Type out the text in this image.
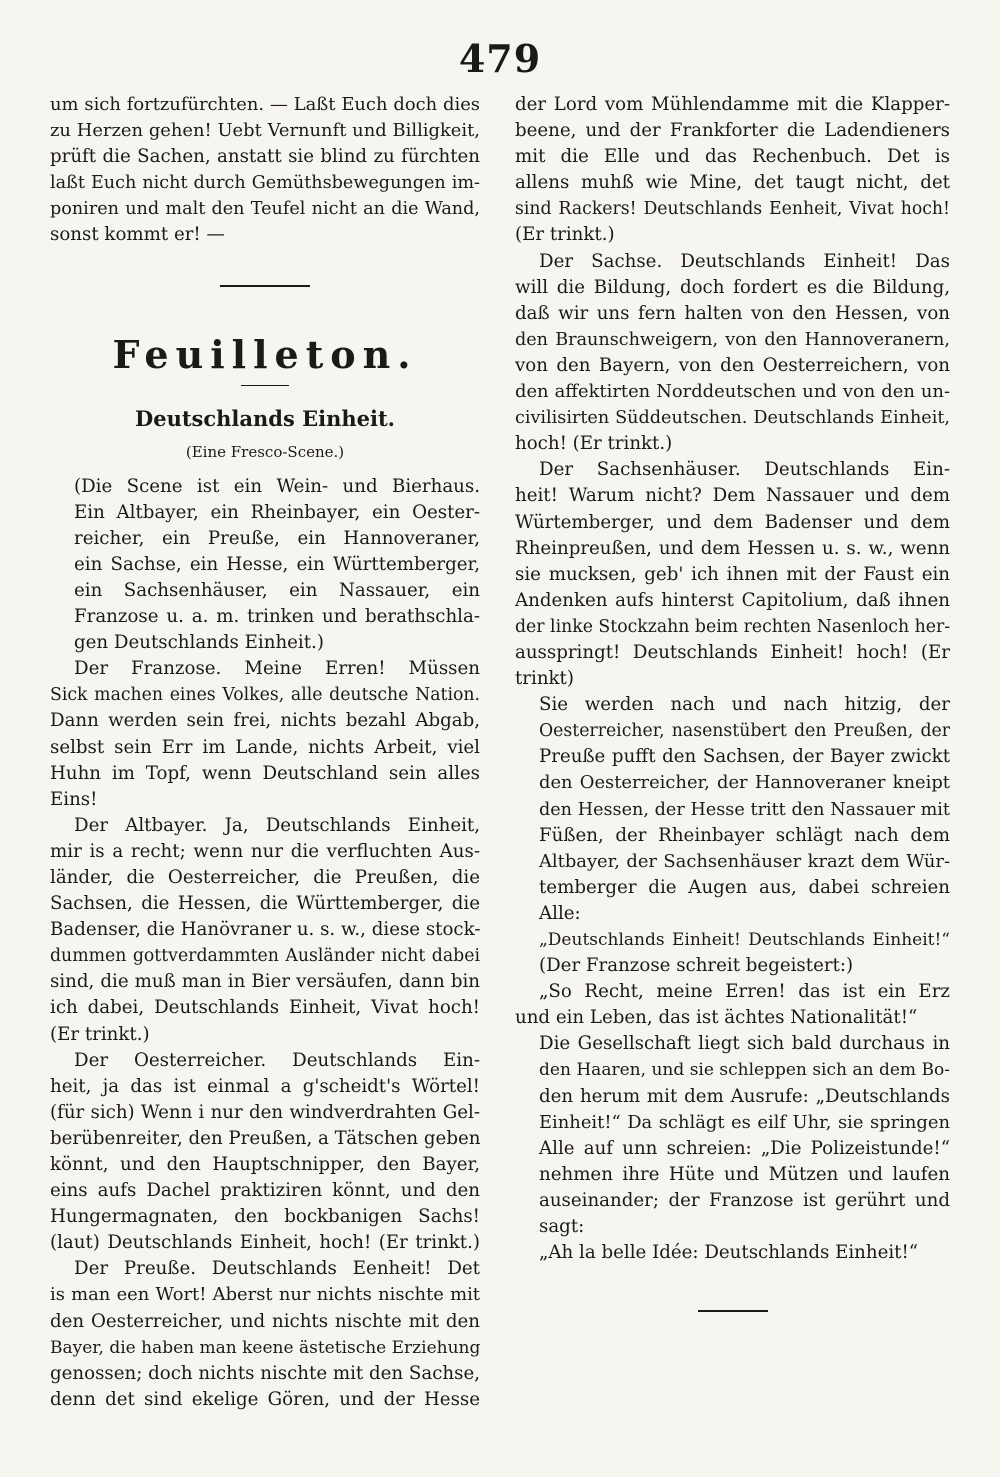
479
um sich fortzufürchten. — Laßt Euch doch dies
zu Herzen gehen! Uebt Vernunft und Billigkeit,
prüft die Sachen, anstatt sie blind zu fürchten
laßt Euch nicht durch Gemüthsbewegungen im-
poniren und malt den Teufel nicht an die Wand,
sonst kommt er! —
Feuilleton.
Deutschlands Einheit.
(Eine Fresco-Scene.)
(Die Scene ist ein Wein- und Bierhaus.
Ein Altbayer, ein Rheinbayer, ein Oester-
reicher, ein Preuße, ein Hannoveraner,
ein Sachse, ein Hesse, ein Württemberger,
ein Sachsenhäuser, ein Nassauer, ein
Franzose u. a. m. trinken und berathschla-
gen Deutschlands Einheit.)
Der Franzose. Meine Erren! Müssen
Sick machen eines Volkes, alle deutsche Nation.
Dann werden sein frei, nichts bezahl Abgab,
selbst sein Err im Lande, nichts Arbeit, viel
Huhn im Topf, wenn Deutschland sein alles
Eins!
Der Altbayer. Ja, Deutschlands Einheit,
mir is a recht; wenn nur die verfluchten Aus-
länder, die Oesterreicher, die Preußen, die
Sachsen, die Hessen, die Württemberger, die
Badenser, die Hanövraner u. s. w., diese stock-
dummen gottverdammten Ausländer nicht dabei
sind, die muß man in Bier versäufen, dann bin
ich dabei, Deutschlands Einheit, Vivat hoch!
(Er trinkt.)
Der Oesterreicher. Deutschlands Ein-
heit, ja das ist einmal a g'scheidt's Wörtel!
(für sich) Wenn i nur den windverdrahten Gel-
berübenreiter, den Preußen, a Tätschen geben
könnt, und den Hauptschnipper, den Bayer,
eins aufs Dachel praktiziren könnt, und den
Hungermagnaten, den bockbanigen Sachs!
(laut) Deutschlands Einheit, hoch! (Er trinkt.)
Der Preuße. Deutschlands Eenheit! Det
is man een Wort! Aberst nur nichts nischte mit
den Oesterreicher, und nichts nischte mit den
Bayer, die haben man keene ästetische Erziehung
genossen; doch nichts nischte mit den Sachse,
denn det sind ekelige Gören, und der Hesse
der Lord vom Mühlendamme mit die Klapper-
beene, und der Frankforter die Ladendieners
mit die Elle und das Rechenbuch. Det is
allens muhß wie Mine, det taugt nicht, det
sind Rackers! Deutschlands Eenheit, Vivat hoch!
(Er trinkt.)
Der Sachse. Deutschlands Einheit! Das
will die Bildung, doch fordert es die Bildung,
daß wir uns fern halten von den Hessen, von
den Braunschweigern, von den Hannoveranern,
von den Bayern, von den Oesterreichern, von
den affektirten Norddeutschen und von den un-
civilisirten Süddeutschen. Deutschlands Einheit,
hoch! (Er trinkt.)
Der Sachsenhäuser. Deutschlands Ein-
heit! Warum nicht? Dem Nassauer und dem
Würtemberger, und dem Badenser und dem
Rheinpreußen, und dem Hessen u. s. w., wenn
sie mucksen, geb' ich ihnen mit der Faust ein
Andenken aufs hinterst Capitolium, daß ihnen
der linke Stockzahn beim rechten Nasenloch her-
ausspringt! Deutschlands Einheit! hoch! (Er
trinkt)
Sie werden nach und nach hitzig, der
Oesterreicher, nasenstübert den Preußen, der
Preuße pufft den Sachsen, der Bayer zwickt
den Oesterreicher, der Hannoveraner kneipt
den Hessen, der Hesse tritt den Nassauer mit
Füßen, der Rheinbayer schlägt nach dem
Altbayer, der Sachsenhäuser krazt dem Wür-
temberger die Augen aus, dabei schreien
Alle:
„Deutschlands Einheit! Deutschlands Einheit!“
(Der Franzose schreit begeistert:)
„So Recht, meine Erren! das ist ein Erz
und ein Leben, das ist ächtes Nationalität!“
Die Gesellschaft liegt sich bald durchaus in
den Haaren, und sie schleppen sich an dem Bo-
den herum mit dem Ausrufe: „Deutschlands
Einheit!“ Da schlägt es eilf Uhr, sie springen
Alle auf unn schreien: „Die Polizeistunde!“
nehmen ihre Hüte und Mützen und laufen
auseinander; der Franzose ist gerührt und
sagt:
„Ah la belle Idée: Deutschlands Einheit!“
